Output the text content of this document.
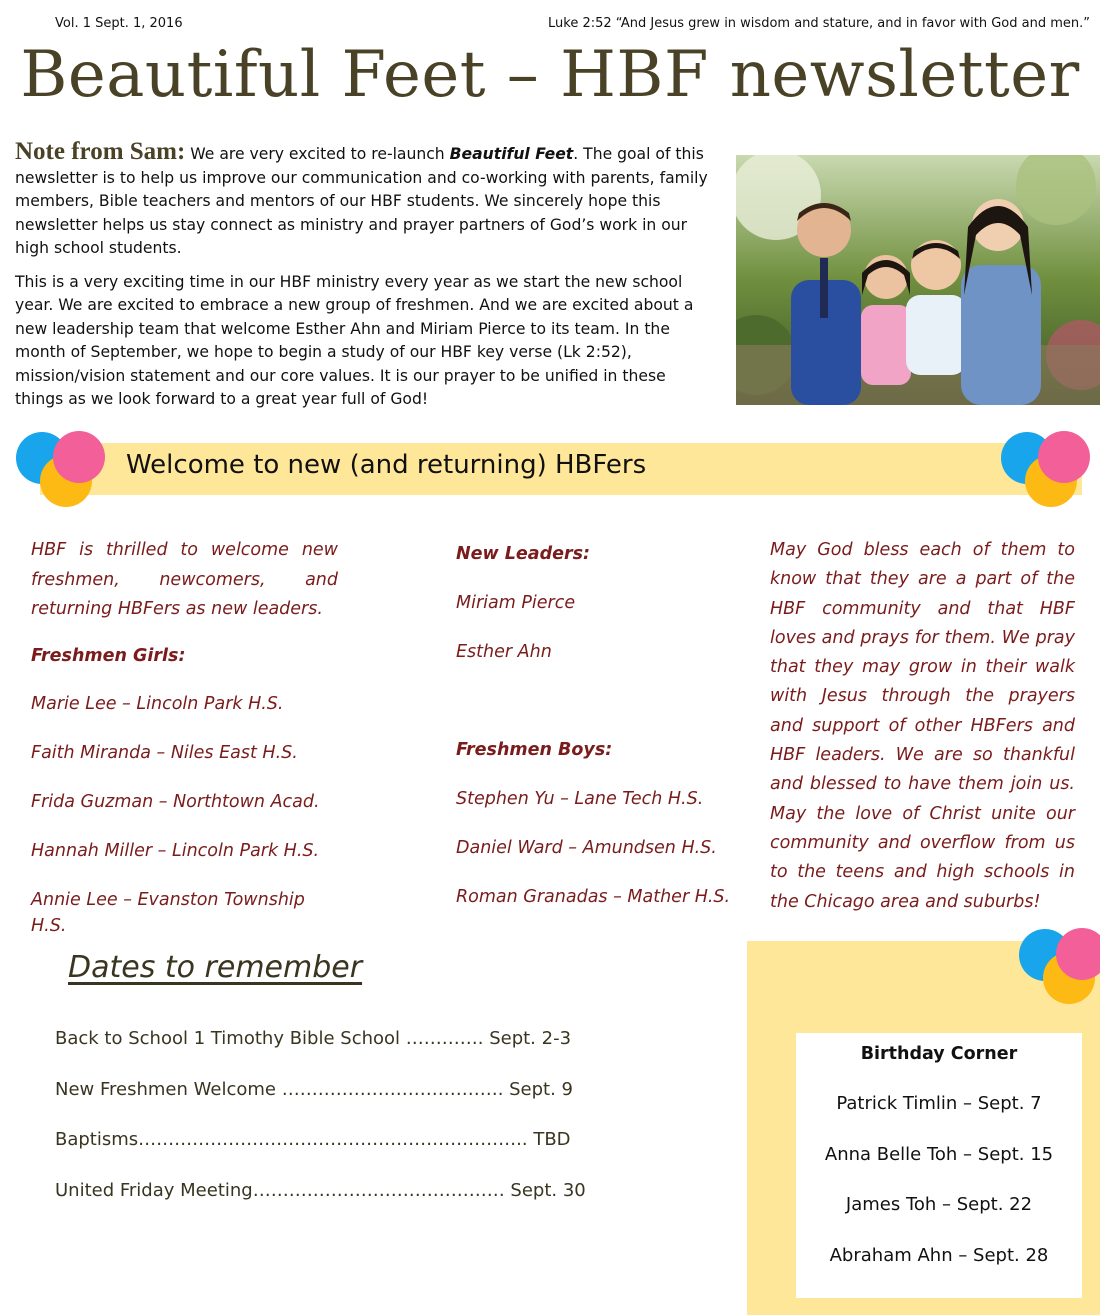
Vol. 1 Sept. 1, 2016	Luke 2:52 “And Jesus grew in wisdom and stature, and in favor with God and men.”
Beautiful Feet – HBF newsletter

Note from Sam: We are very excited to re-launch Beautiful Feet. The goal of this newsletter is to help us improve our communication and co-working with parents, family members, Bible teachers and mentors of our HBF students. We sincerely hope this newsletter helps us stay connect as ministry and prayer partners of God’s work in our high school students.

This is a very exciting time in our HBF ministry every year as we start the new school year. We are excited to embrace a new group of freshmen. And we are excited about a new leadership team that welcome Esther Ahn and Miriam Pierce to its team. In the month of September, we hope to begin a study of our HBF key verse (Lk 2:52), mission/vision statement and our core values. It is our prayer to be unified in these things as we look forward to a great year full of God!

Welcome to new (and returning) HBFers

HBF is thrilled to welcome new freshmen, newcomers, and returning HBFers as new leaders.

Freshmen Girls:

Marie Lee – Lincoln Park H.S.

Faith Miranda – Niles East H.S.

Frida Guzman – Northtown Acad.

Hannah Miller – Lincoln Park H.S.

Annie Lee – Evanston Township H.S.

New Leaders:

Miriam Pierce

Esther Ahn

Freshmen Boys:

Stephen Yu – Lane Tech H.S.

Daniel Ward – Amundsen H.S.

Roman Granadas – Mather H.S.

May God bless each of them to know that they are a part of the HBF community and that HBF loves and prays for them. We pray that they may grow in their walk with Jesus through the prayers and support of other HBFers and HBF leaders. We are so thankful and blessed to have them join us. May the love of Christ unite our community and overflow from us to the teens and high schools in the Chicago area and suburbs!
Dates to remember
Back to School 1 Timothy Bible School …………. Sept. 2-3
New Freshmen Welcome ………………………………. Sept. 9
Baptisms……………………………………………………….. TBD
United Friday Meeting…………………………………… Sept. 30
Birthday Corner
Patrick Timlin – Sept. 7
Anna Belle Toh – Sept. 15
James Toh – Sept. 22
Abraham Ahn – Sept. 28
